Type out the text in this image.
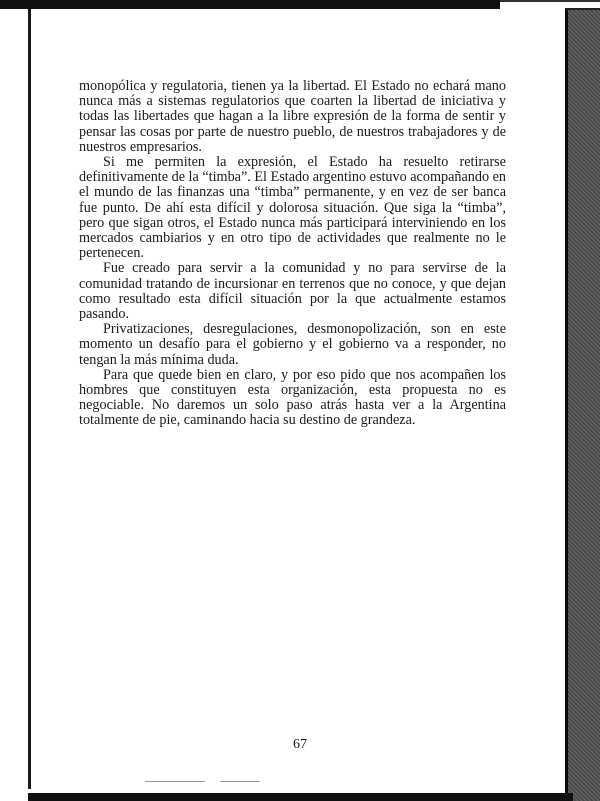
monopólica y regulatoria, tienen ya la libertad. El Estado no echará mano nunca más a sistemas regulatorios que coarten la libertad de iniciativa y todas las libertades que hagan a la libre expresión de la forma de sentir y pensar las cosas por parte de nuestro pueblo, de nuestros trabajadores y de nuestros empresarios.

Si me permiten la expresión, el Estado ha resuelto retirarse definitivamente de la “timba”. El Estado argentino estuvo acompañando en el mundo de las finanzas una “timba” permanente, y en vez de ser banca fue punto. De ahí esta difícil y dolorosa situación. Que siga la “timba”, pero que sigan otros, el Estado nunca más participará interviniendo en los mercados cambiarios y en otro tipo de actividades que realmente no le pertenecen.

Fue creado para servir a la comunidad y no para servirse de la comunidad tratando de incursionar en terrenos que no conoce, y que dejan como resultado esta difícil situación por la que actualmente estamos pasando.

Privatizaciones, desregulaciones, desmonopolización, son en este momento un desafío para el gobierno y el gobierno va a responder, no tengan la más mínima duda.

Para que quede bien en claro, y por eso pido que nos acompañen los hombres que constituyen esta organización, esta propuesta no es negociable. No daremos un solo paso atrás hasta ver a la Argentina totalmente de pie, caminando hacia su destino de grandeza.

67
